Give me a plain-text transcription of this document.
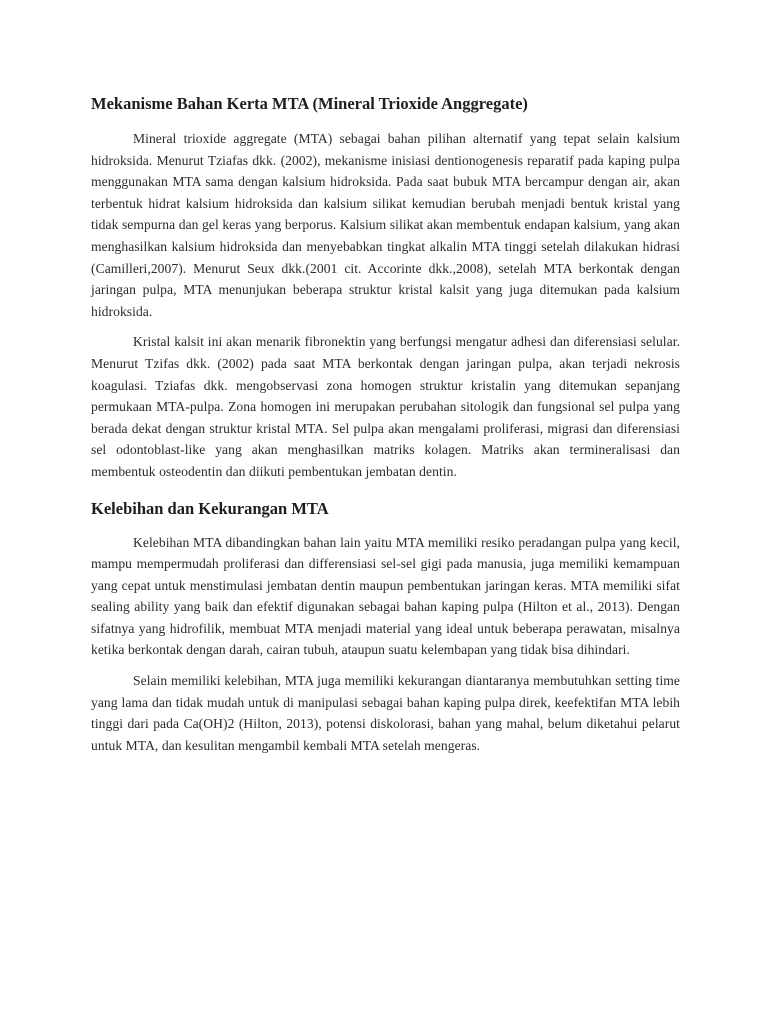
Mekanisme Bahan Kerta MTA (Mineral Trioxide Anggregate)

Mineral trioxide aggregate (MTA) sebagai bahan pilihan alternatif yang tepat selain kalsium hidroksida. Menurut Tziafas dkk. (2002), mekanisme inisiasi dentionogenesis reparatif pada kaping pulpa menggunakan MTA sama dengan kalsium hidroksida. Pada saat bubuk MTA bercampur dengan air, akan terbentuk hidrat kalsium hidroksida dan kalsium silikat kemudian berubah menjadi bentuk kristal yang tidak sempurna dan gel keras yang berporus. Kalsium silikat akan membentuk endapan kalsium, yang akan menghasilkan kalsium hidroksida dan menyebabkan tingkat alkalin MTA tinggi setelah dilakukan hidrasi (Camilleri,2007). Menurut Seux dkk.(2001 cit. Accorinte dkk.,2008), setelah MTA berkontak dengan jaringan pulpa, MTA menunjukan beberapa struktur kristal kalsit yang juga ditemukan pada kalsium hidroksida.

Kristal kalsit ini akan menarik fibronektin yang berfungsi mengatur adhesi dan diferensiasi selular. Menurut Tzifas dkk. (2002) pada saat MTA berkontak dengan jaringan pulpa, akan terjadi nekrosis koagulasi. Tziafas dkk. mengobservasi zona homogen struktur kristalin yang ditemukan sepanjang permukaan MTA-pulpa. Zona homogen ini merupakan perubahan sitologik dan fungsional sel pulpa yang berada dekat dengan struktur kristal MTA. Sel pulpa akan mengalami proliferasi, migrasi dan diferensiasi sel odontoblast-like yang akan menghasilkan matriks kolagen. Matriks akan termineralisasi dan membentuk osteodentin dan diikuti pembentukan jembatan dentin.

Kelebihan dan Kekurangan MTA

Kelebihan MTA dibandingkan bahan lain yaitu MTA memiliki resiko peradangan pulpa yang kecil, mampu mempermudah proliferasi dan differensiasi sel-sel gigi pada manusia, juga memiliki kemampuan yang cepat untuk menstimulasi jembatan dentin maupun pembentukan jaringan keras. MTA memiliki sifat sealing ability yang baik dan efektif digunakan sebagai bahan kaping pulpa (Hilton et al., 2013). Dengan sifatnya yang hidrofilik, membuat MTA menjadi material yang ideal untuk beberapa perawatan, misalnya ketika berkontak dengan darah, cairan tubuh, ataupun suatu kelembapan yang tidak bisa dihindari.

Selain memiliki kelebihan, MTA juga memiliki kekurangan diantaranya membutuhkan setting time yang lama dan tidak mudah untuk di manipulasi sebagai bahan kaping pulpa direk, keefektifan MTA lebih tinggi dari pada Ca(OH)2 (Hilton, 2013), potensi diskolorasi, bahan yang mahal, belum diketahui pelarut untuk MTA, dan kesulitan mengambil kembali MTA setelah mengeras.
